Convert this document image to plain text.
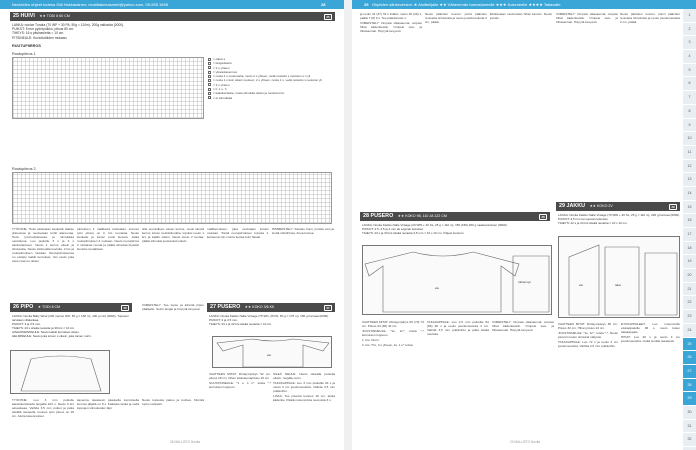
Neuleiden ohjeet todesa Siili Hakkarainen; neulittakneasneet@yahoo.com, 09-555 1696	28	29 Ohjeiden sähkeversiot: ★ Aloittelijalle ★★ Vähemmän harrastuneelle ★★★ Kokeneelle ★★★★ Taitavalle
1
2
3
4
5
6
7
8
9
10
11
12
13
14
15
16
17
18
19
20
21
22
23
24
25
26
27
28
29
30
31
32
25 HUIVI ★★ TODI 8 60 CM	25
LANKA: novice Tundra (70 WP + 30 PA, 50g = 110m), 200g valkoista (0000).
PUIKOT: 5 mm pyöröpuikko, pituus 80 cm.
TIHEYS: 16 s pitsineuletta = 10 cm.
PITSINEULE: Kuvioitutöiden mukaan.
RUUTUPIIRROS
Ruutupiirros 1
= oikea s
= langankierto
= 2 o yhteen
= ylivetokavennus
= nosta 1 s neulomatta, neulo 2 o yhteen, vedä nostettu s neulotun s:n yli
= nosta 1 s kuin oikein neuloen, 2 o yhteen, nosta 1 s, vedä nostettu s neulotun yli
= 3 o yhteen
= h, 1 o, h
= kaksikertaisia, nosta silmukka oikein ja neulota tunn
= ei silmukkaa
Ruutupiirros 2

TYÖOHJE: Huivi aloitetaan keskeltä taakse yläreunaa ja neuloetaan kohti alareunaa. Huivi työ-huvikanavaa ja silmukkaa neulottuna. Luo puikolle 3 s ja 3 s aloitustankoon. Neulo 1 kerros oikein ja silmukoita. Neulo toistuvalla kuviolla, 2 krs ja ruutupiirroksen mukaan. Ruutupiirroksessa on esitetty kaikki kerrokset, niin neulo joka toinen kerros oikein.

piirroksen 1 mallikerta toistetaan, kunnes työn pituus on 4. krs reunasta. Neulo keskelle ja toinen puoli kuviota. Jatka ruutupiirroksen 2 mukaan. Neulo ruutupiirros 2 mukaiset reunat ja päätä silmukat löysästi kuviota noudattaen.

sille suunnilleen toinen kerros, neulo täsmä kerros toinen keskisilmukka, lopuksi neulo 1 krs ja kaikki oikein. Neulo kuvio 2 kertaa, päätä silmukat joustavasti oikein.

mallikerroksen, joka neulotaan kuvion mukaan. Toistä ruutupiirroksen kuviota 1. kertaa tai niin monta kertaa kuin haluat.

HIMMEISTELY: Kastele huivi, purista vesi ja levitä mittoihinsa. Anna kuivua.

26 PIPO ★ TODI 8 CM	26
LANKA: Novita Baby Wool (100 merino WO, 50 g = 150 m), 100 g mint (0000). Tupsuun tarvitaan villalankaa.
PUIKOT: 3 ja 3.5 mm.
TIHEYS: 23 s sileää neuletta ja 30 krs = 10 cm.
AINAOIKEINNEULE: Neulo kaikki kerrokset oikein.
HELMINEULE: Neulo joka toinen s oikein, joka toinen nurin.

TYÖOHJE: Luo 3 mm puikolle kaksinkertaisella langalla 104 s. Neulo 6 krs ainaoikeaa. Vaihda 3,5 mm puikot ja jatka sileällä neuleella, kunnes työn pituus on 18 cm. Aloita kavennukset.

kavenna tasaisesti jokaisella kerroksella kunnes jäljellä on 8 s. Katkaise lanka ja vedä loppujen silmukoiden läpi.

VIIMEISTELY: Tee tupsu ja kiinnitä pipon päälaelle. Solmi langat ja höyrytä kevyesti.

Neulo tupsusta paksu ja tuuhea. Kiinnitä tupsu vahvasti.

27 PUSERO ★★ KOKO 3/6 KK	27
LANKA: Novita Kiekko Nalle Vintage (75 WO, 25 PA, 50 g = 175 m), 150 g harmaa (0000).
PUIKOT: 3 ja 3.5 mm.
TIHEYS: 23 s ja 32 krs sileää neuletta = 10 cm.
etu

VAATTEEN MITAT: Rintaympärys 52 cm, pituus 28 cm, hihan sisäsaumapituus 16 cm.

SUUSTINNEULE: *1 o, 1 n*, toista *-* kerroksen loppuun.

SILEÄ NEULE: Neulo oikealla puolella oikein, nurjalla nurin.

TAKAKAPPALE: Luo 3 mm puikoille 64 s ja neulo 3 cm joustinneuletta. Vaihda 3,5 mm puikkoihin.

LISÄÄ: Tee pituutta kunnes 16 cm, aloita kädentie. Päätä molemmista reunoista 3 s.

ja neulo 41 (37) 33 s lisäksi, neulo 26 (29) s, päätä 7 (8) 9 s. Tee pääntiemäs s.

VIIMEISTELY: Ompele olkasaumat, ompele hihat kädentieisiin. Ompele sivu- ja hihasaumat. Höyrytä kevyesti.

Neulo pääntien reunus: poimi pääntien reunasta silmukoita ja neulo joustinneuletta 2 cm, päätä.

Ehdotetaan neulomaan hihat samoin. Neulo joustin.

VIIMEISTELY: Ompele olkasaumat, ompele hihat kädentieisiin. Ompele sivu- ja hihasaumat. Höyrytä kevyesti.

Neulo pääntien reunus: poimi pääntien reunasta silmukoita ja neulo joustinneuletta 2 cm, päätä.

28 PUSERO ★★ KOKO 98, 110 JA 122 CM	28
LANKA: Novita Kiekko Nalle Vintage (20 WW + 30 SL, 25 g = 110 m), 150 (150) 200 g vaaleansininen (0000).
PUIKOT: 2.5, 3.5 ja 4 mm tai sopivan kokoiset.
TIHEYS: 23 s ja 30 krs sileää neuletta 3,5 mm = 10 x 10 cm. Vihjeet kuvioon.
etu
vähennys

VAATTEEN MITAT: Rintaympärys 66 (70) 74 cm. Pituus 34 (38) 42 cm.

JOUSTINNEULE: *1o, 1n*, toista *-* kerroksen loppuun.

1. krs: Nurin.

2. krs: *Ks, 3 o yhteen, ks, 1 o* toista.

TAKAKAPPALE: Luo 2,5 mm puikoille 82 (86) 90 s ja neulo joustinneuletta 4 cm. Vaihda 3,5 mm puikkoihin ja jatka sileää neuletta.

VIIMEISTELY: Ompele olkasaumat, ompele hihat kädentieisiin. Ompele sivu- ja hihasaumat. Höyrytä kevyesti.

29 JAKKU ★★ KOKO 2V	29
LANKA: Novita Kiekko Nalle Vintage (70 WW + 30 SL, 25 g = 110 m), 200 g harmaa (0000).
PUIKOT: 3,5 mm tai sopivan kokoiset.
TIHEYS: 22 s ja 34 krs sileää neuletta = 10 x 10 cm.
etu	taka

VAATTEEN MITAT: Rintaympärys 66 cm. Pituus 32 cm. Hihan pituus 24 cm.

JOUSTINNEULE: *1o, 1n*, toista *-*. Neulo joka krs kuten silmukat näkyvät.

TAKAKAPPALE: Luo 72 s ja neulo 3 cm joustinneuletta. Vaihda 3,5 mm puikkoihin.

ETUKAPPALEET: Luo molemmille etukappaleille 38 s, neulo kuten takakappale.

HIHAT: Luo 40 s ja neulo 4 cm joustinneuletta. Lisää sivuille tasaisesti.

28 MALLISTO Novita	29 MALLISTO Novita
